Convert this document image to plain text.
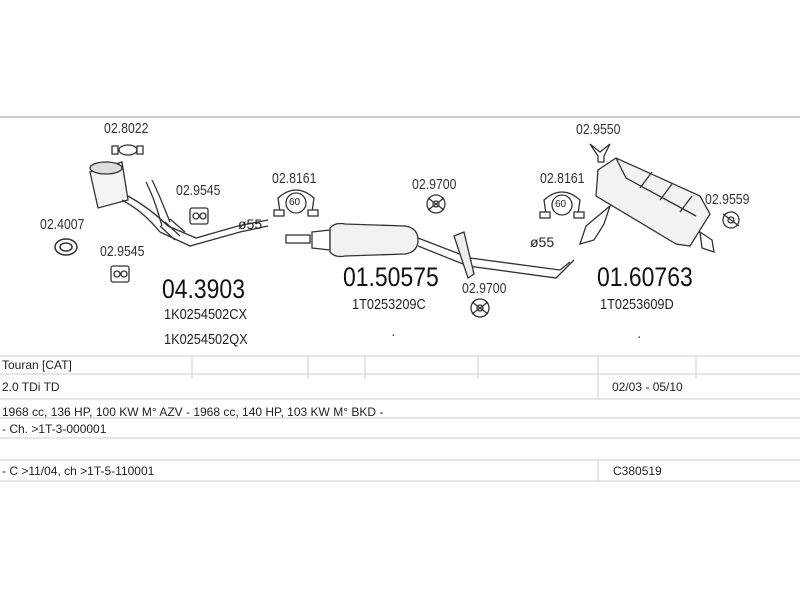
02.8022
02.4007
02.9545
02.9545
02.8161	02.9700	02.8161
02.9550
02.9559
02.9700
60	60
ø55
ø55
04.3903
1K0254502CX
1K0254502QX
01.50575
1T0253209C
·
01.60763
1T0253609D
·
Touran [CAT]
2.0 TDi TD	02/03 - 05/10
1968 cc, 136 HP, 100 KW M° AZV - 1968 cc, 140 HP, 103 KW M° BKD -
- Ch. >1T-3-000001
- C >11/04, ch >1T-5-110001	C380519
